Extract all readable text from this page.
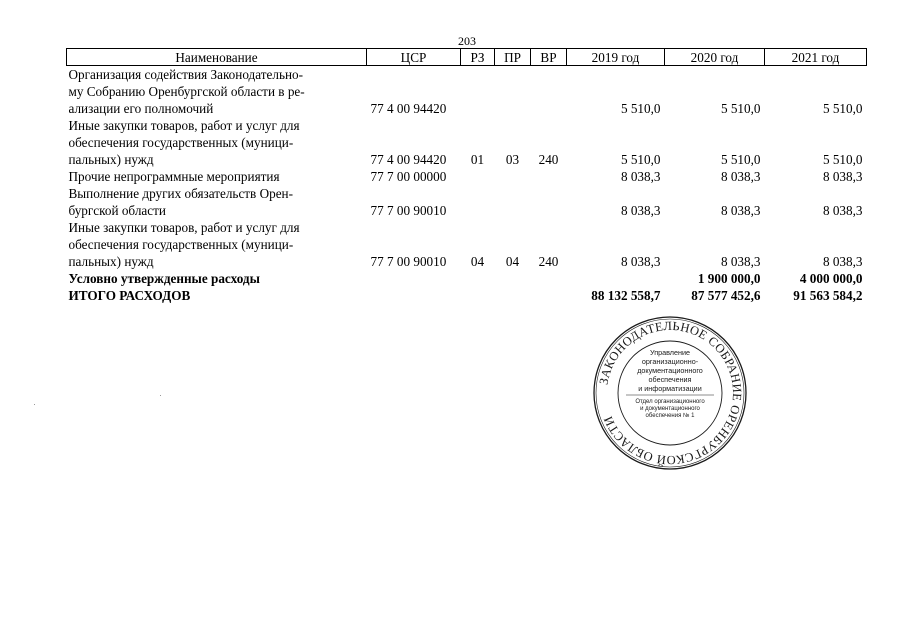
203
Наименование	ЦСР	РЗ	ПР	ВР	2019 год	2020 год	2021 год
Организация содействия Законодательно-							
му Собранию Оренбургской области в ре-							
ализации его полномочий	77 4 00 94420				5 510,0	5 510,0	5 510,0
Иные закупки товаров, работ и услуг для							
обеспечения государственных (муници-							
пальных) нужд	77 4 00 94420	01	03	240	5 510,0	5 510,0	5 510,0
Прочие непрограммные мероприятия	77 7 00 00000				8 038,3	8 038,3	8 038,3
Выполнение других обязательств Орен-							
бургской области	77 7 00 90010				8 038,3	8 038,3	8 038,3
Иные закупки товаров, работ и услуг для							
обеспечения государственных (муници-							
пальных) нужд	77 7 00 90010	04	04	240	8 038,3	8 038,3	8 038,3
Условно утвержденные расходы						1 900 000,0	4 000 000,0
ИТОГО РАСХОДОВ					88 132 558,7	87 577 452,6	91 563 584,2
ЗАКОНОДАТЕЛЬНОЕ СОБРАНИЕ ОРЕНБУРГСКОЙ ОБЛАСТИ
Управление
организационно-
документационного
обеспечения
и информатизации
Отдел организационного
и документационного
обеспечения № 1
